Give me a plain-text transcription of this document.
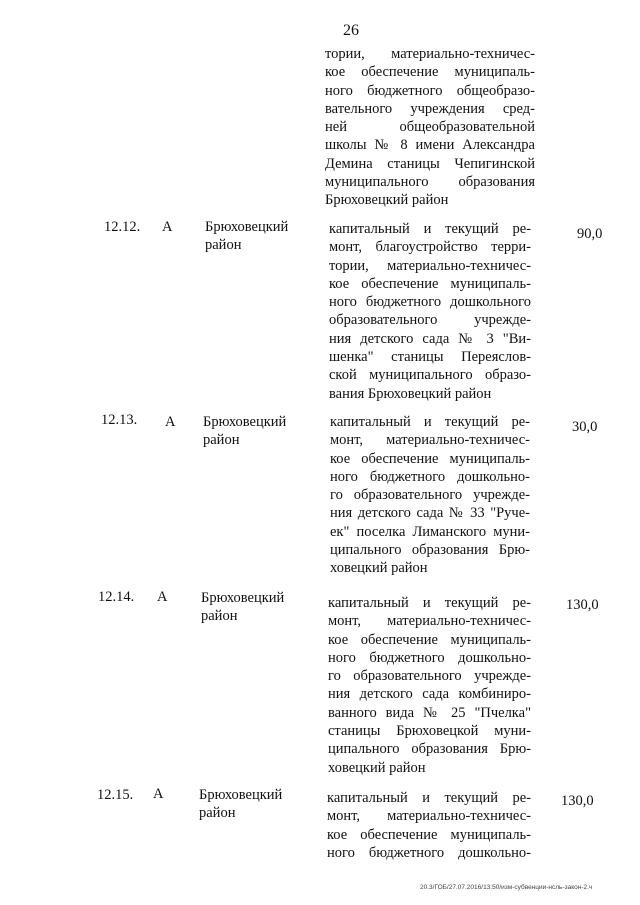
26
тории, материально-техничес-
кое обеспечение муниципаль-
ного бюджетного общеобразо-
вательного учреждения сред-
ней общеобразовательной
школы № 8 имени Александра
Демина станицы Чепигинской
муниципального образования
Брюховецкий район
12.12. А Брюховецкий
район
капитальный и текущий ре-
монт, благоустройство терри-
тории, материально-техничес-
кое обеспечение муниципаль-
ного бюджетного дошкольного
образовательного учрежде-
ния детского сада № 3 "Ви-
шенка" станицы Переяслов-
ской муниципального образо-
вания Брюховецкий район
90,0
12.13. А Брюховецкий
район
капитальный и текущий ре-
монт, материально-техничес-
кое обеспечение муниципаль-
ного бюджетного дошкольно-
го образовательного учрежде-
ния детского сада № 33 "Руче-
ек" поселка Лиманского муни-
ципального образования Брю-
ховецкий район
30,0
12.14. А Брюховецкий
район
капитальный и текущий ре-
монт, материально-техничес-
кое обеспечение муниципаль-
ного бюджетного дошкольно-
го образовательного учрежде-
ния детского сада комбиниро-
ванного вида № 25 "Пчелка"
станицы Брюховецкой муни-
ципального образования Брю-
ховецкий район
130,0
12.15. А Брюховецкий
район
капитальный и текущий ре-
монт, материально-техничес-
кое обеспечение муниципаль-
ного бюджетного дошкольно-
130,0
20.3/ГОБ/27.07.2016/13:50/изм-субвенции-нсль-закон-2.ч
